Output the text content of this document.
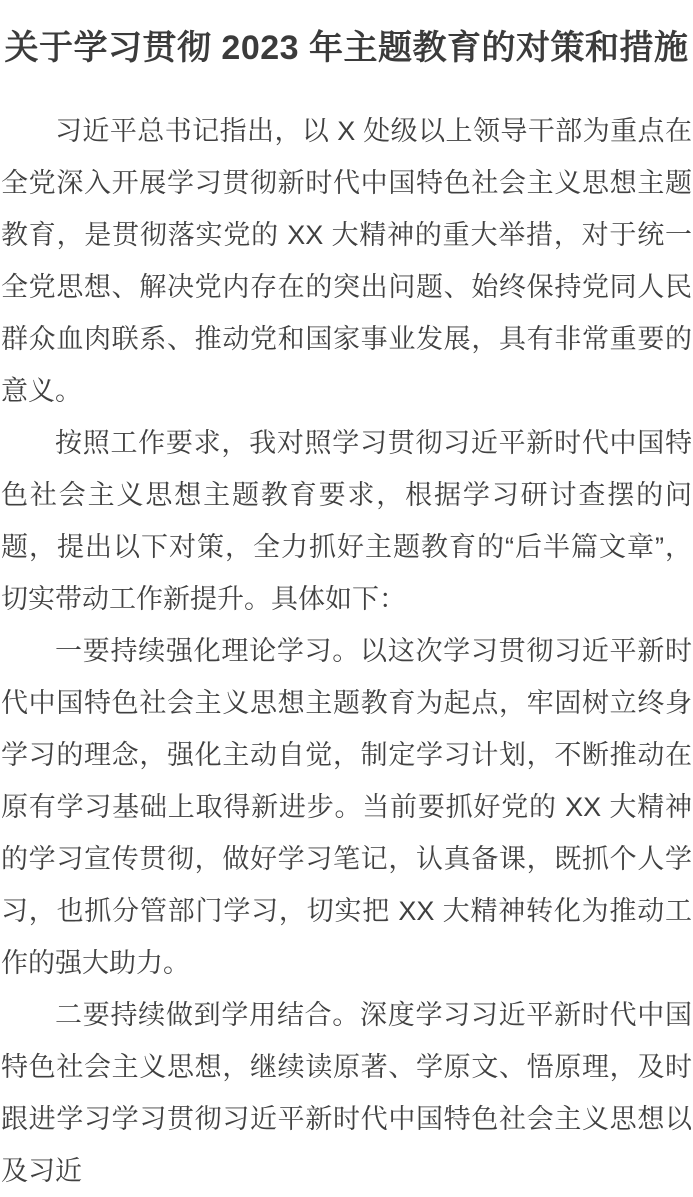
关于学习贯彻 2023 年主题教育的对策和措施

习近平总书记指出，以 X 处级以上领导干部为重点在全党深入开展学习贯彻新时代中国特色社会主义思想主题教育，是贯彻落实党的 XX 大精神的重大举措，对于统一全党思想、解决党内存在的突出问题、始终保持党同人民群众血肉联系、推动党和国家事业发展，具有非常重要的意义。

按照工作要求，我对照学习贯彻习近平新时代中国特色社会主义思想主题教育要求，根据学习研讨查摆的问题，提出以下对策，全力抓好主题教育的“后半篇文章”，切实带动工作新提升。具体如下：

一要持续强化理论学习。以这次学习贯彻习近平新时代中国特色社会主义思想主题教育为起点，牢固树立终身学习的理念，强化主动自觉，制定学习计划，不断推动在原有学习基础上取得新进步。当前要抓好党的 XX 大精神的学习宣传贯彻，做好学习笔记，认真备课，既抓个人学习，也抓分管部门学习，切实把 XX 大精神转化为推动工作的强大助力。

二要持续做到学用结合。深度学习习近平新时代中国特色社会主义思想，继续读原著、学原文、悟原理，及时跟进学习学习贯彻习近平新时代中国特色社会主义思想以及习近
